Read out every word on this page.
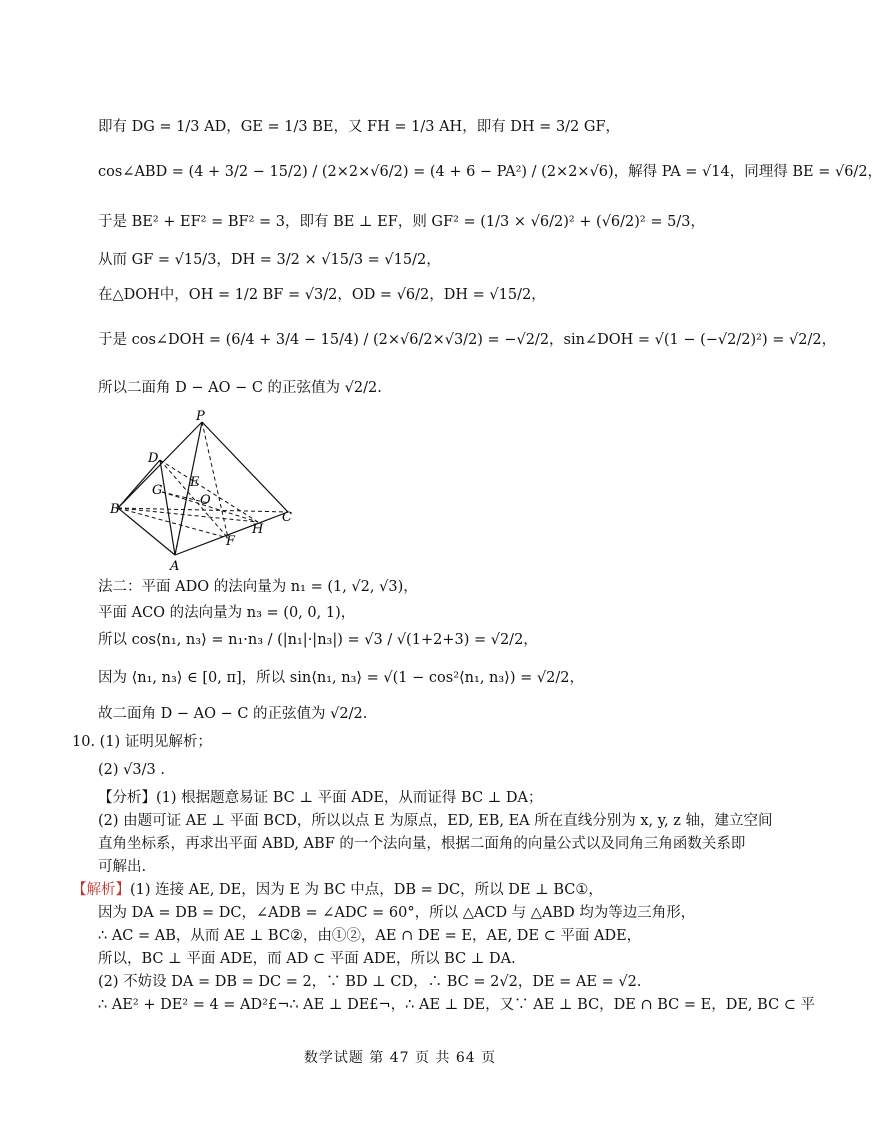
即有 DG = 1/3 AD，GE = 1/3 BE，又 FH = 1/3 AH，即有 DH = 3/2 GF，
cos∠ABD = (4 + 3/2 − 15/2) / (2×2×√6/2) = (4 + 6 − PA²) / (2×2×√6)，解得 PA = √14，同理得 BE = √6/2，
于是 BE² + EF² = BF² = 3，即有 BE ⊥ EF，则 GF² = (1/3 × √6/2)² + (√6/2)² = 5/3，
从而 GF = √15/3，DH = 3/2 × √15/3 = √15/2，
在△DOH中，OH = 1/2 BF = √3/2，OD = √6/2，DH = √15/2，
于是 cos∠DOH = (6/4 + 3/4 − 15/4) / (2×√6/2×√3/2) = −√2/2，sin∠DOH = √(1 − (−√2/2)²) = √2/2，
所以二面角 D − AO − C 的正弦值为 √2/2.
P
D
G
E
O
B
C
H
F
A
法二：平面 ADO 的法向量为 n₁ = (1, √2, √3)，
平面 ACO 的法向量为 n₃ = (0, 0, 1)，
所以 cos⟨n₁, n₃⟩ = n₁·n₃ / (|n₁|·|n₃|) = √3 / √(1+2+3) = √2/2，
因为 ⟨n₁, n₃⟩ ∈ [0, π]，所以 sin⟨n₁, n₃⟩ = √(1 − cos²⟨n₁, n₃⟩) = √2/2，
故二面角 D − AO − C 的正弦值为 √2/2.
10. (1) 证明见解析；
(2) √3/3 .
【分析】(1) 根据题意易证 BC ⊥ 平面 ADE，从而证得 BC ⊥ DA；
(2) 由题可证 AE ⊥ 平面 BCD，所以以点 E 为原点，ED, EB, EA 所在直线分别为 x, y, z 轴，建立空间
直角坐标系，再求出平面 ABD, ABF 的一个法向量，根据二面角的向量公式以及同角三角函数关系即
可解出.
【解析】(1) 连接 AE, DE，因为 E 为 BC 中点，DB = DC，所以 DE ⊥ BC①，
因为 DA = DB = DC，∠ADB = ∠ADC = 60°，所以 △ACD 与 △ABD 均为等边三角形，
∴ AC = AB，从而 AE ⊥ BC②，由①②，AE ∩ DE = E，AE, DE ⊂ 平面 ADE，
所以，BC ⊥ 平面 ADE，而 AD ⊂ 平面 ADE，所以 BC ⊥ DA.
(2) 不妨设 DA = DB = DC = 2，∵ BD ⊥ CD，∴ BC = 2√2，DE = AE = √2.
∴ AE² + DE² = 4 = AD²£¬∴ AE ⊥ DE£¬，∴ AE ⊥ DE，又∵ AE ⊥ BC，DE ∩ BC = E，DE, BC ⊂ 平
数学试题 第 47 页 共 64 页
